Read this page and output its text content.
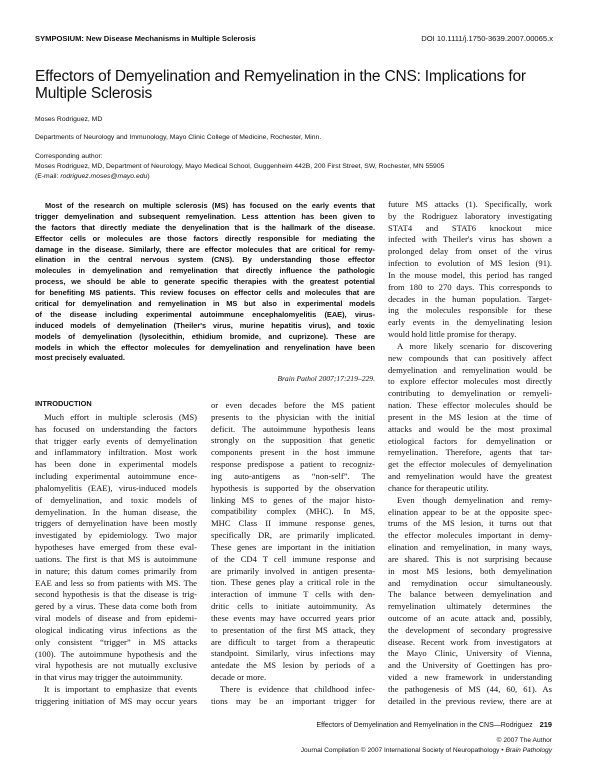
SYMPOSIUM: New Disease Mechanisms in Multiple Sclerosis	DOI 10.1111/j.1750-3639.2007.00065.x
Effectors of Demyelination and Remyelination in the CNS: Implications for Multiple Sclerosis
Moses Rodriguez, MD
Departments of Neurology and Immunology, Mayo Clinic College of Medicine, Rochester, Minn.
Corresponding author:
Moses Rodriguez, MD, Department of Neurology, Mayo Medical School, Guggenheim 442B, 200 First Street, SW, Rochester, MN 55905
(E-mail: rodriguez.moses@mayo.edu)
Most of the research on multiple sclerosis (MS) has focused on the early events that
trigger demyelination and subsequent remyelination. Less attention has been given to
the factors that directly mediate the denyelination that is the hallmark of the disease.
Effector cells or molecules are those factors directly responsible for mediating the
damage in the disease. Similarly, there are effector molecules that are critical for remy-
elination in the central nervous system (CNS). By understanding those effector
molecules in demyelination and remyelination that directly influence the pathologic
process, we should be able to generate specific therapies with the greatest potential
for benefiting MS patients. This review focuses on effector cells and molecules that are
critical for demyelination and remyelination in MS but also in experimental models
of the disease including experimental autoimmune encephalomyelitis (EAE), virus-
induced models of demyelination (Theiler's virus, murine hepatitis virus), and toxic
models of demyelination (lysolecithin, ethidium bromide, and cuprizone). These are
models in which the effector molecules for demyelination and renyelination have been
most precisely evaluated.
Brain Pathol 2007;17:219–229.
INTRODUCTION
Much effort in multiple sclerosis (MS)
has focused on understanding the factors
that trigger early events of demyelination
and inflammatory infiltration. Most work
has been done in experimental models
including experimental autoimmune ence-
phalomyelitis (EAE), virus-induced models
of demyelination, and toxic models of
demyelination. In the human disease, the
triggers of demyelination have been mostly
investigated by epidemiology. Two major
hypotheses have emerged from these eval-
uations. The first is that MS is autoimmune
in nature; this datum comes primarily from
EAE and less so from patients with MS. The
second hypothesis is that the disease is trig-
gered by a virus. These data come both from
viral models of disease and from epidemi-
ological indicating virus infections as the
only consistent “trigger” in MS attacks
(100). The autoimmune hypothesis and the
viral hypothesis are not mutually exclusive
in that virus may trigger the autoimmunity.
It is important to emphasize that events
triggering initiation of MS may occur years
or even decades before the MS patient
presents to the physician with the initial
deficit. The autoimmune hypothesis leans
strongly on the supposition that genetic
components present in the host immune
response predispose a patient to recogniz-
ing auto-antigens as “non-self”. The
hypothesis is supported by the observation
linking MS to genes of the major histo-
compatibility complex (MHC). In MS,
MHC Class II immune response genes,
specifically DR, are primarily implicated.
These genes are important in the initiation
of the CD4 T cell immune response and
are primarily involved in antigen presenta-
tion. These genes play a critical role in the
interaction of immune T cells with den-
dritic cells to initiate autoimmunity. As
these events may have occurred years prior
to presentation of the first MS attack, they
are difficult to target from a therapeutic
standpoint. Similarly, virus infections may
antedate the MS lesion by periods of a
decade or more.
There is evidence that childhood infec-
tions may be an important trigger for
future MS attacks (1). Specifically, work
by the Rodriguez laboratory investigating
STAT4 and STAT6 knockout mice
infected with Theiler's virus has shown a
prolonged delay from onset of the virus
infection to evolution of MS lesion (91).
In the mouse model, this period has ranged
from 180 to 270 days. This corresponds to
decades in the human population. Target-
ing the molecules responsible for these
early events in the demyelinating lesion
would hold little promise for therapy.
A more likely scenario for discovering
new compounds that can positively affect
demyelination and remyelination would be
to explore effector molecules most directly
contributing to demyelination or remyeli-
nation. These effector molecules should be
present in the MS lesion at the time of
attacks and would be the most proximal
etiological factors for demyelination or
remyelination. Therefore, agents that tar-
get the effector molecules of demyelination
and remyelination would have the greatest
chance for therapeutic utility.
Even though demyelination and remy-
elination appear to be at the opposite spec-
trums of the MS lesion, it turns out that
the effector molecules important in demy-
elination and remyelination, in many ways,
are shared. This is not surprising because
in most MS lesions, both demyelination
and remydination occur simultaneously.
The balance between demyelination and
remyelination ultimately determines the
outcome of an acute attack and, possibly,
the development of secondary progressive
disease. Recent work from investigators at
the Mayo Clinic, University of Vienna,
and the University of Goettingen has pro-
vided a new framework in understanding
the pathogenesis of MS (44, 60, 61). As
detailed in the previous review, there are at
Effectors of Demyelination and Remyelination in the CNS—Rodriguez 219
© 2007 The Author
Journal Compilation © 2007 International Society of Neuropathology • Brain Pathology
